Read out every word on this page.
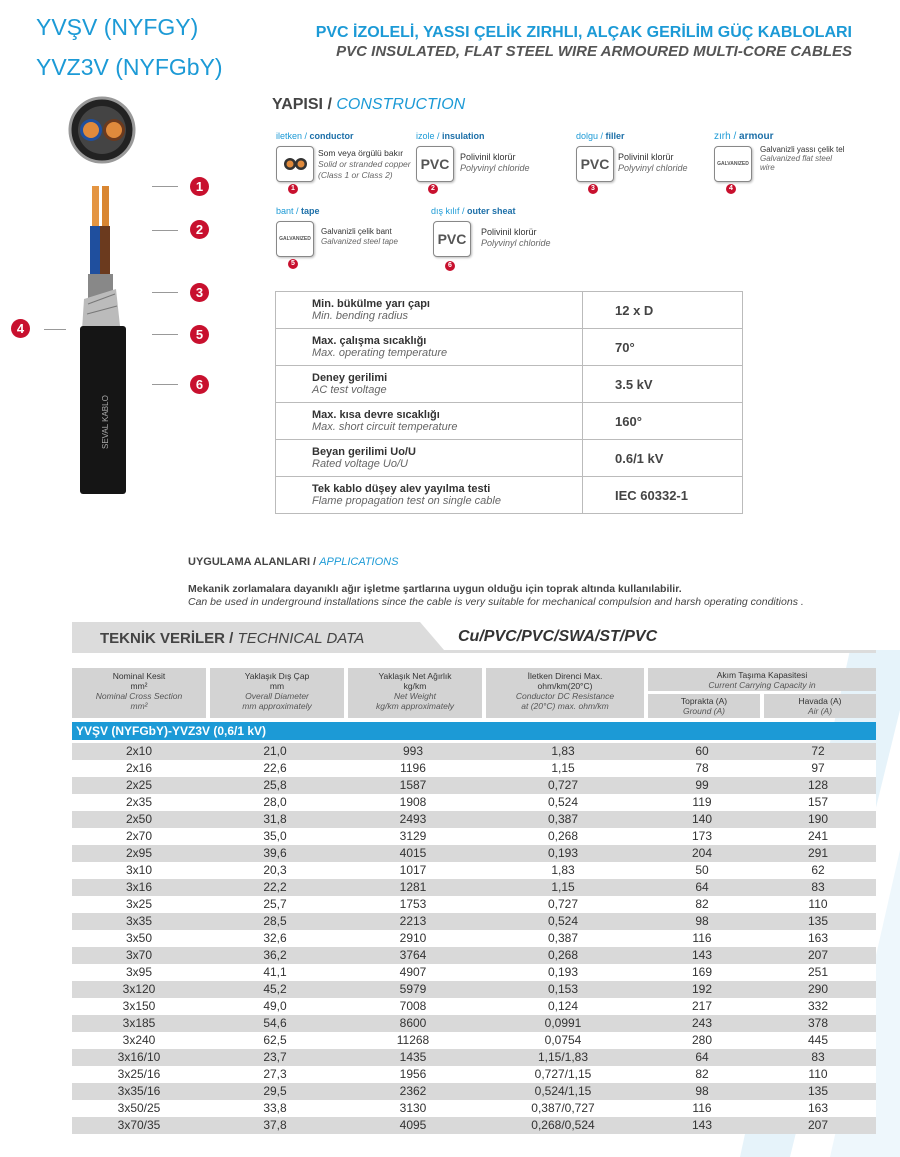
YVŞV (NYFGY)
YVZ3V (NYFGbY)
PVC İZOLELİ, YASSI ÇELİK ZIRHLI, ALÇAK GERİLİM GÜÇ KABLOLARI
PVC INSULATED, FLAT STEEL WIRE ARMOURED MULTI-CORE CABLES
SEVAL KABLO
1
2
3
4	5
6
YAPISI / CONSTRUCTION
iletken / conductor
Som veya örgülü bakır
Solid or stranded copper
(Class 1 or Class 2)
1
izole / insulation
PVC Polivinil klorür
Polyvinyl chloride
2
dolgu / filler
PVC Polivinil klorür
Polyvinyl chloride
3
zırh / armour
GALVANIZED
Galvanizli yassı çelik tel
Galvanized flat steel wire
4
bant / tape
GALVANIZED
Galvanizli çelik bant
Galvanized steel tape
5
dış kılıf / outer sheat
PVC Polivinil klorür
Polyvinyl chloride
6
Min. bükülme yarı çapı
Min. bending radius	12 x D

Max. çalışma sıcaklığı
Max. operating temperature	70°

Deney gerilimi
AC test voltage	3.5 kV

Max. kısa devre sıcaklığı
Max. short circuit temperature	160°

Beyan gerilimi Uo/U
Rated voltage Uo/U	0.6/1 kV

Tek kablo düşey alev yayılma testi
Flame propagation test on single cable	IEC 60332-1
UYGULAMA ALANLARI / APPLICATIONS
Mekanik zorlamalara dayanıklı ağır işletme şartlarına uygun olduğu için toprak altında kullanılabilir.
Can be used in underground installations since the cable is very suitable for mechanical compulsion and harsh operating conditions .
TEKNİK VERİLER / TECHNICAL DATA	Cu/PVC/PVC/SWA/ST/PVC
Nominal Kesit
mm²
Nominal Cross Section
mm²
Yaklaşık Dış Çap
mm
Overall Diameter
mm approximately
Yaklaşık Net Ağırlık
kg/km
Net Weight
kg/km approximately
İletken Direnci Max.
ohm/km(20°C)
Conductor DC Resistance
at (20°C) max. ohm/km
Akım Taşıma Kapasitesi
Current Carrying Capacity in
Toprakta (A)
Ground (A)
Havada (A)
Air (A)
YVŞV (NYFGbY)-YVZ3V (0,6/1 kV)
2x10	21,0	993	1,83	60	72
2x16	22,6	1196	1,15	78	97
2x25	25,8	1587	0,727	99	128
2x35	28,0	1908	0,524	119	157
2x50	31,8	2493	0,387	140	190
2x70	35,0	3129	0,268	173	241
2x95	39,6	4015	0,193	204	291
3x10	20,3	1017	1,83	50	62
3x16	22,2	1281	1,15	64	83
3x25	25,7	1753	0,727	82	110
3x35	28,5	2213	0,524	98	135
3x50	32,6	2910	0,387	116	163
3x70	36,2	3764	0,268	143	207
3x95	41,1	4907	0,193	169	251
3x120	45,2	5979	0,153	192	290
3x150	49,0	7008	0,124	217	332
3x185	54,6	8600	0,0991	243	378
3x240	62,5	11268	0,0754	280	445
3x16/10	23,7	1435	1,15/1,83	64	83
3x25/16	27,3	1956	0,727/1,15	82	110
3x35/16	29,5	2362	0,524/1,15	98	135
3x50/25	33,8	3130	0,387/0,727	116	163
3x70/35	37,8	4095	0,268/0,524	143	207
